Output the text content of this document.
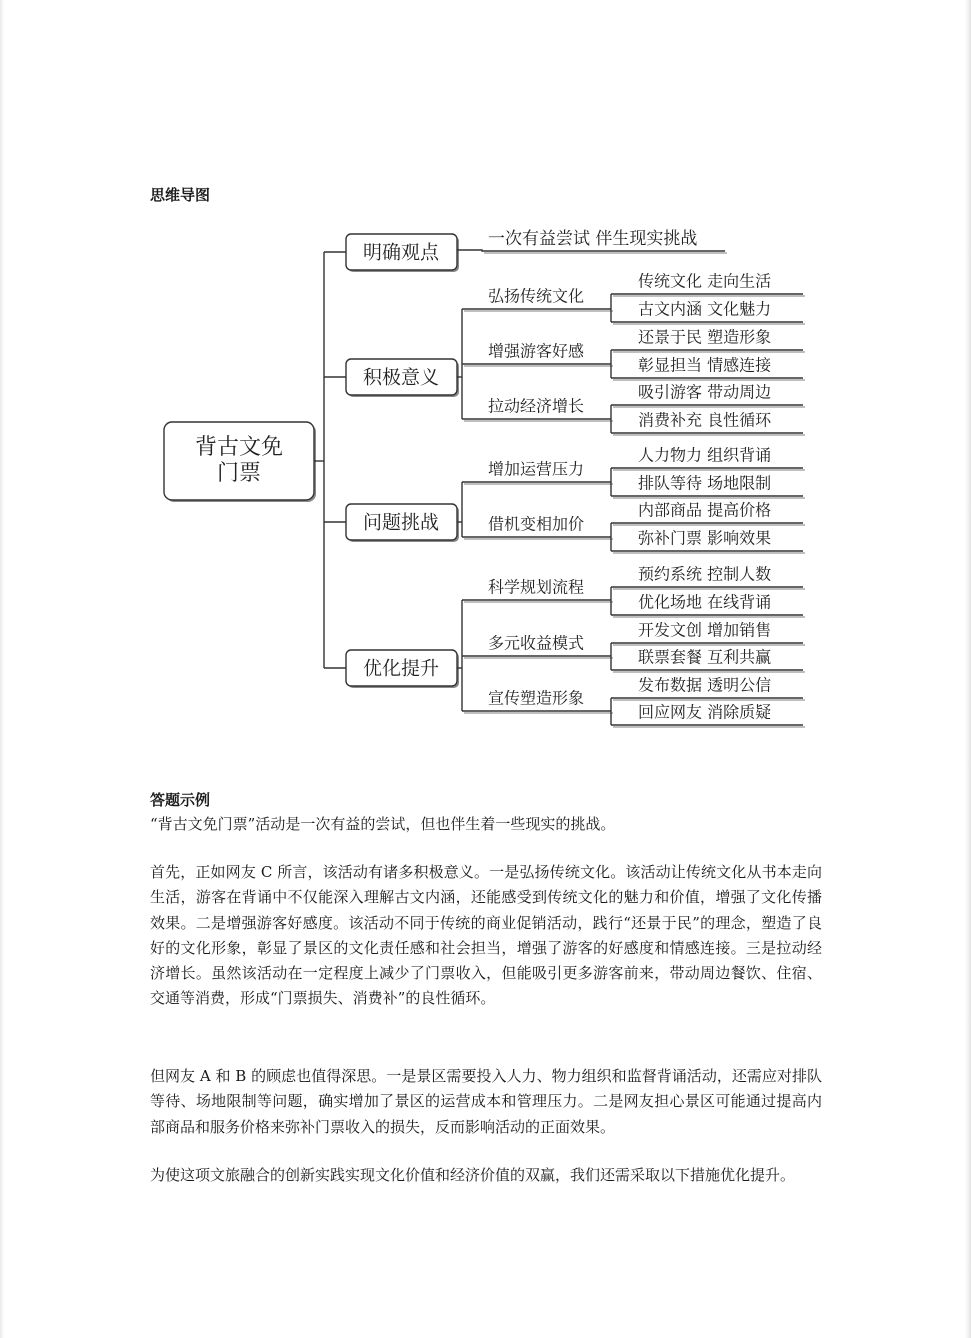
思维导图
背古文免
门票
明确观点
一次有益尝试 伴生现实挑战
积极意义
弘扬传统文化
传统文化 走向生活
古文内涵 文化魅力
增强游客好感
还景于民 塑造形象
彰显担当 情感连接
拉动经济增长
吸引游客 带动周边
消费补充 良性循环
问题挑战
增加运营压力
人力物力 组织背诵
排队等待 场地限制
借机变相加价
内部商品 提高价格
弥补门票 影响效果
优化提升
科学规划流程
预约系统 控制人数
优化场地 在线背诵
多元收益模式
开发文创 增加销售
联票套餐 互利共赢
宣传塑造形象
发布数据 透明公信
回应网友 消除质疑
答题示例

“背古文免门票”活动是一次有益的尝试，但也伴生着一些现实的挑战。

首先，正如网友 C 所言，该活动有诸多积极意义。一是弘扬传统文化。该活动让传统文化从书本走向生活，游客在背诵中不仅能深入理解古文内涵，还能感受到传统文化的魅力和价值，增强了文化传播效果。二是增强游客好感度。该活动不同于传统的商业促销活动，践行“还景于民”的理念，塑造了良好的文化形象，彰显了景区的文化责任感和社会担当，增强了游客的好感度和情感连接。三是拉动经济增长。虽然该活动在一定程度上减少了门票收入，但能吸引更多游客前来，带动周边餐饮、住宿、交通等消费，形成“门票损失、消费补”的良性循环。

但网友 A 和 B 的顾虑也值得深思。一是景区需要投入人力、物力组织和监督背诵活动，还需应对排队等待、场地限制等问题，确实增加了景区的运营成本和管理压力。二是网友担心景区可能通过提高内部商品和服务价格来弥补门票收入的损失，反而影响活动的正面效果。

为使这项文旅融合的创新实践实现文化价值和经济价值的双赢，我们还需采取以下措施优化提升。
